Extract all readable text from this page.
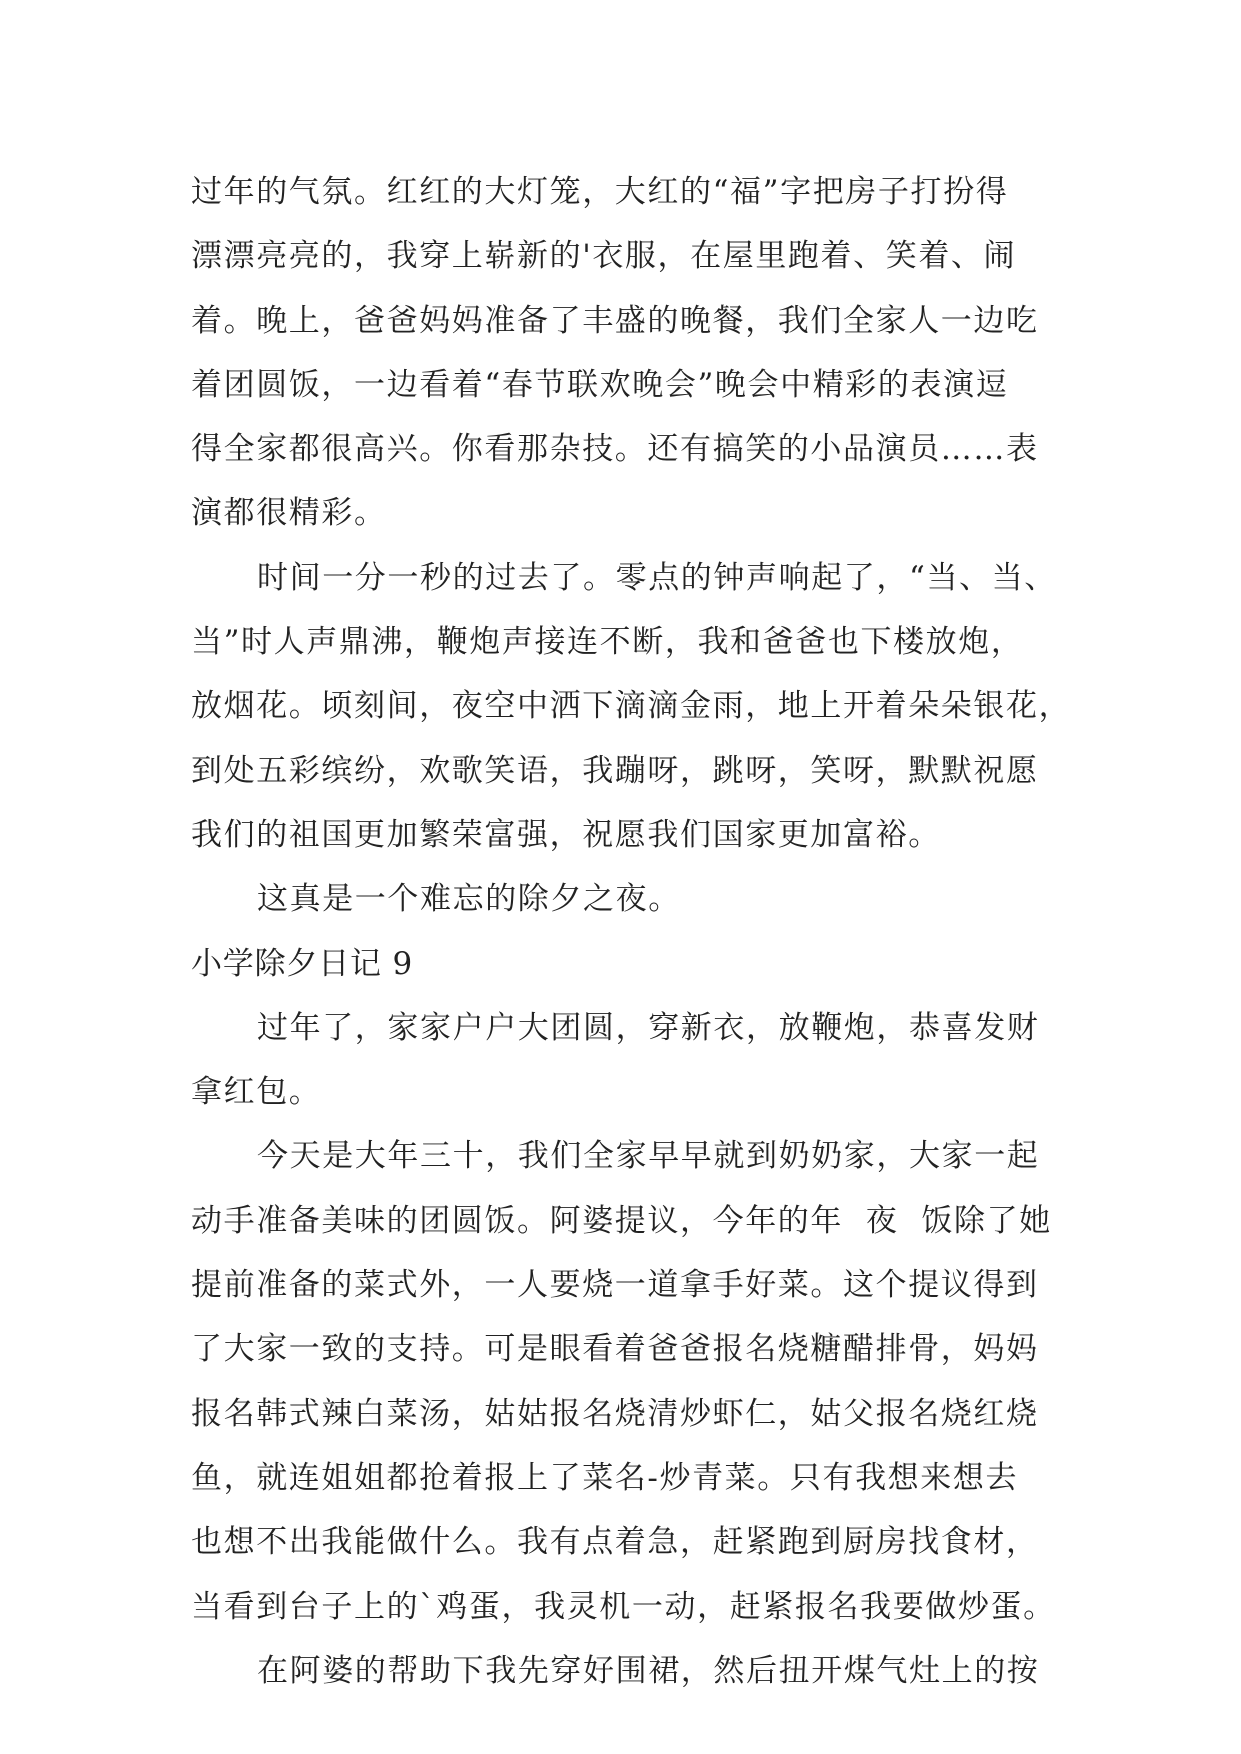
过年的气氛。红红的大灯笼，大红的“福”字把房子打扮得
漂漂亮亮的，我穿上崭新的'衣服，在屋里跑着、笑着、闹
着。晚上，爸爸妈妈准备了丰盛的晚餐，我们全家人一边吃
着团圆饭，一边看着“春节联欢晚会”晚会中精彩的表演逗
得全家都很高兴。你看那杂技。还有搞笑的小品演员……表
演都很精彩。
时间一分一秒的过去了。零点的钟声响起了，“当、当、
当”时人声鼎沸，鞭炮声接连不断，我和爸爸也下楼放炮，
放烟花。顷刻间，夜空中洒下滴滴金雨，地上开着朵朵银花，
到处五彩缤纷，欢歌笑语，我蹦呀，跳呀，笑呀，默默祝愿
我们的祖国更加繁荣富强，祝愿我们国家更加富裕。
这真是一个难忘的除夕之夜。
小学除夕日记 9
过年了，家家户户大团圆，穿新衣，放鞭炮，恭喜发财
拿红包。
今天是大年三十，我们全家早早就到奶奶家，大家一起
动手准备美味的团圆饭。阿婆提议，今年的年  夜  饭除了她
提前准备的菜式外，一人要烧一道拿手好菜。这个提议得到
了大家一致的支持。可是眼看着爸爸报名烧糖醋排骨，妈妈
报名韩式辣白菜汤，姑姑报名烧清炒虾仁，姑父报名烧红烧
鱼，就连姐姐都抢着报上了菜名-炒青菜。只有我想来想去
也想不出我能做什么。我有点着急，赶紧跑到厨房找食材，
当看到台子上的`鸡蛋，我灵机一动，赶紧报名我要做炒蛋。
在阿婆的帮助下我先穿好围裙，然后扭开煤气灶上的按
